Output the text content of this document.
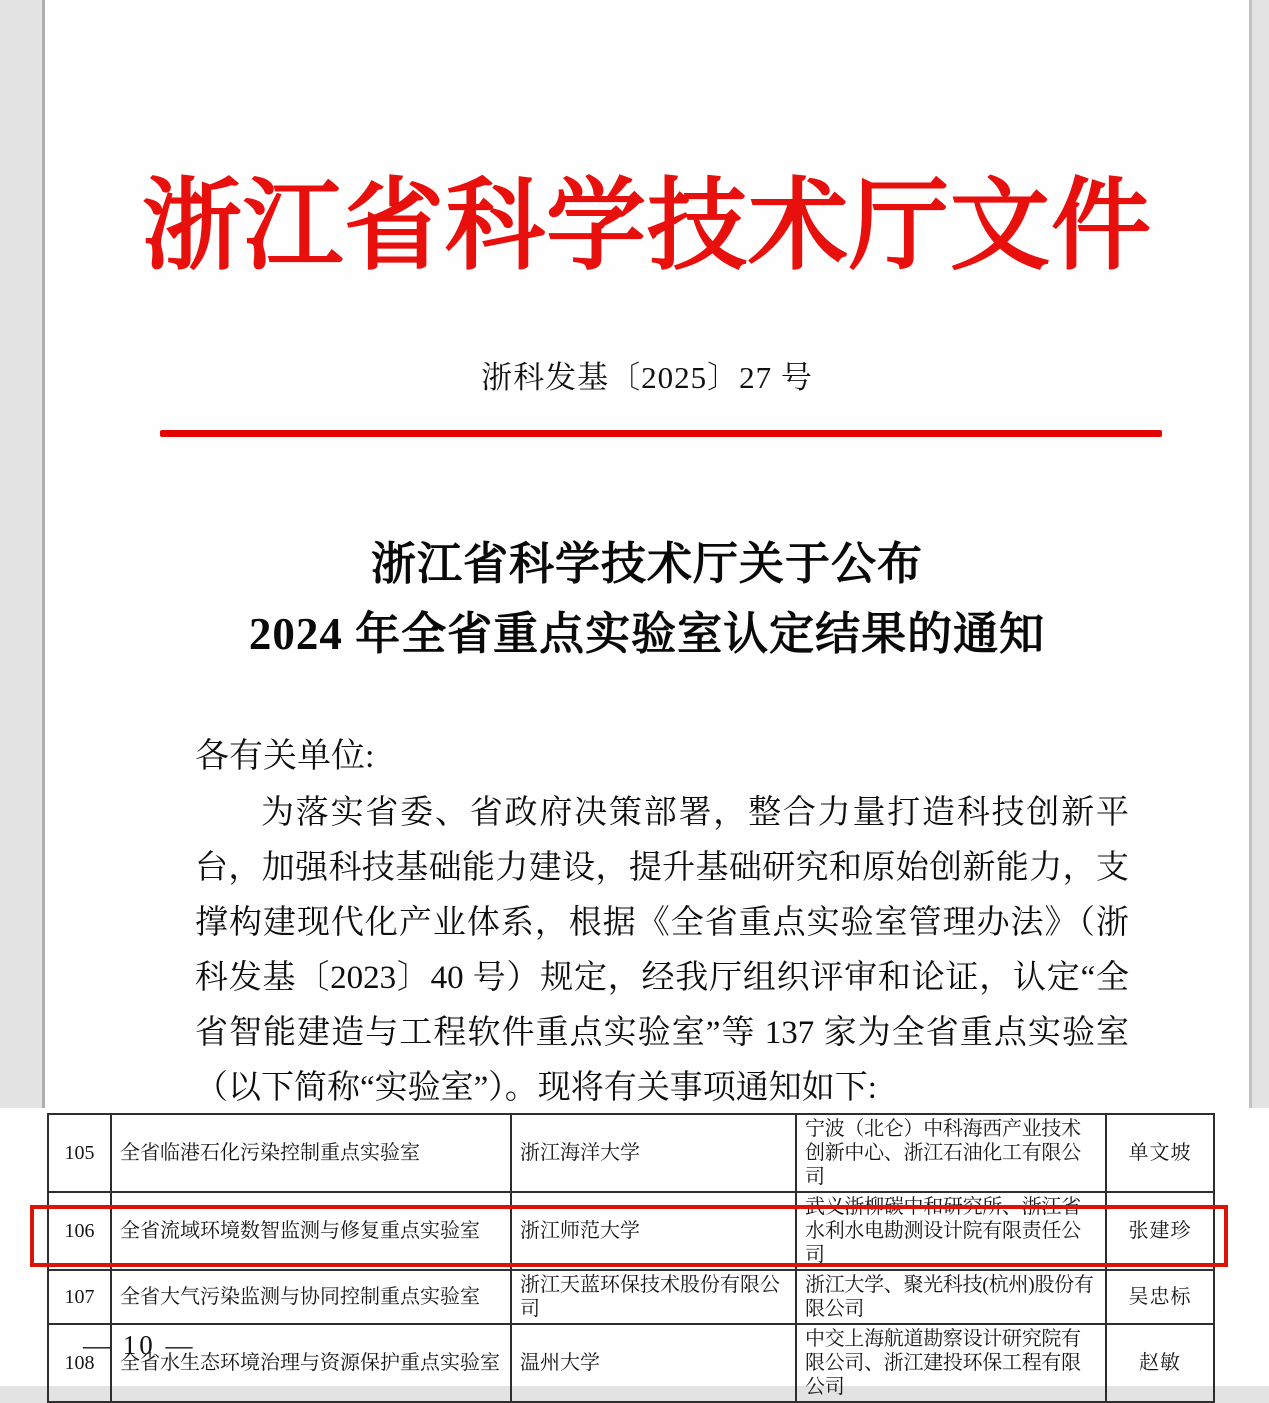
浙江省科学技术厅文件
浙科发基〔2025〕27 号
浙江省科学技术厅关于公布
2024 年全省重点实验室认定结果的通知
各有关单位:
为落实省委、省政府决策部署，整合力量打造科技创新平台，加强科技基础能力建设，提升基础研究和原始创新能力，支撑构建现代化产业体系，根据《全省重点实验室管理办法》（浙科发基〔2023〕40 号）规定，经我厅组织评审和论证，认定“全省智能建造与工程软件重点实验室”等 137 家为全省重点实验室（以下简称“实验室”）。现将有关事项通知如下:
105	全省临港石化污染控制重点实验室	浙江海洋大学	宁波（北仑）中科海西产业技术创新中心、浙江石油化工有限公司	单文坡
106	全省流域环境数智监测与修复重点实验室	浙江师范大学	武义浙柳碳中和研究所、浙江省水利水电勘测设计院有限责任公司	张建珍
107	全省大气污染监测与协同控制重点实验室	浙江天蓝环保技术股份有限公司	浙江大学、聚光科技(杭州)股份有限公司	吴忠标
108	全省水生态环境治理与资源保护重点实验室	温州大学	中交上海航道勘察设计研究院有限公司、浙江建投环保工程有限公司	赵敏
— 10 —
